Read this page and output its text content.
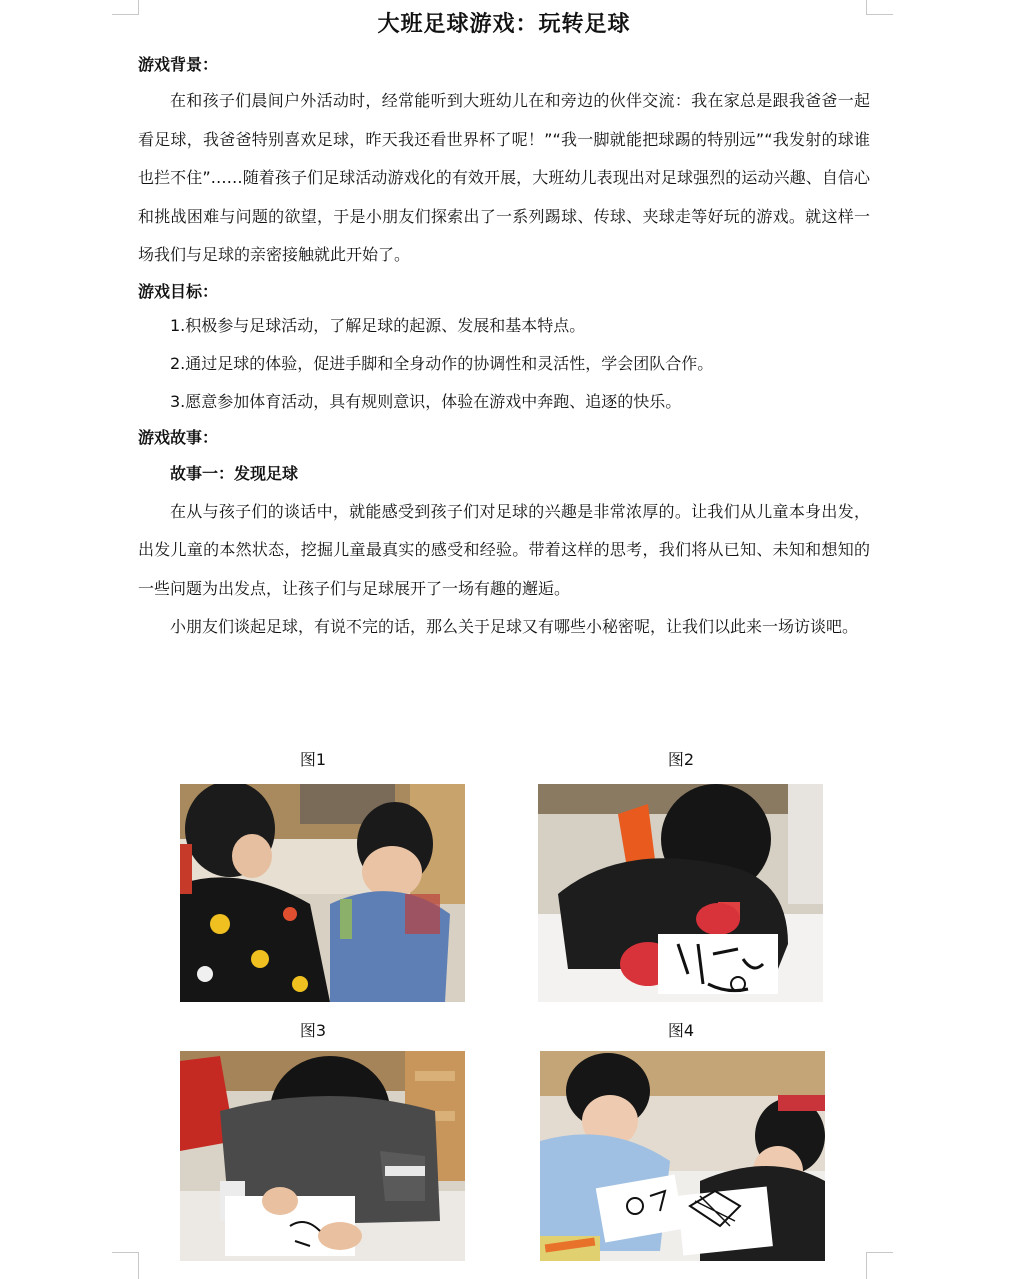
大班足球游戏：玩转足球

游戏背景：

在和孩子们晨间户外活动时，经常能听到大班幼儿在和旁边的伙伴交流：我在家总是跟我爸爸一起看足球，我爸爸特别喜欢足球，昨天我还看世界杯了呢！”“我一脚就能把球踢的特别远”“我发射的球谁也拦不住”……随着孩子们足球活动游戏化的有效开展，大班幼儿表现出对足球强烈的运动兴趣、自信心和挑战困难与问题的欲望，于是小朋友们探索出了一系列踢球、传球、夹球走等好玩的游戏。就这样一场我们与足球的亲密接触就此开始了。

游戏目标：

1.积极参与足球活动，了解足球的起源、发展和基本特点。

2.通过足球的体验，促进手脚和全身动作的协调性和灵活性，学会团队合作。

3.愿意参加体育活动，具有规则意识，体验在游戏中奔跑、追逐的快乐。

游戏故事：

故事一：发现足球

在从与孩子们的谈话中，就能感受到孩子们对足球的兴趣是非常浓厚的。让我们从儿童本身出发，出发儿童的本然状态，挖掘儿童最真实的感受和经验。带着这样的思考，我们将从已知、未知和想知的一些问题为出发点，让孩子们与足球展开了一场有趣的邂逅。

小朋友们谈起足球，有说不完的话，那么关于足球又有哪些小秘密呢，让我们以此来一场访谈吧。

图1	图2
图3	图4
